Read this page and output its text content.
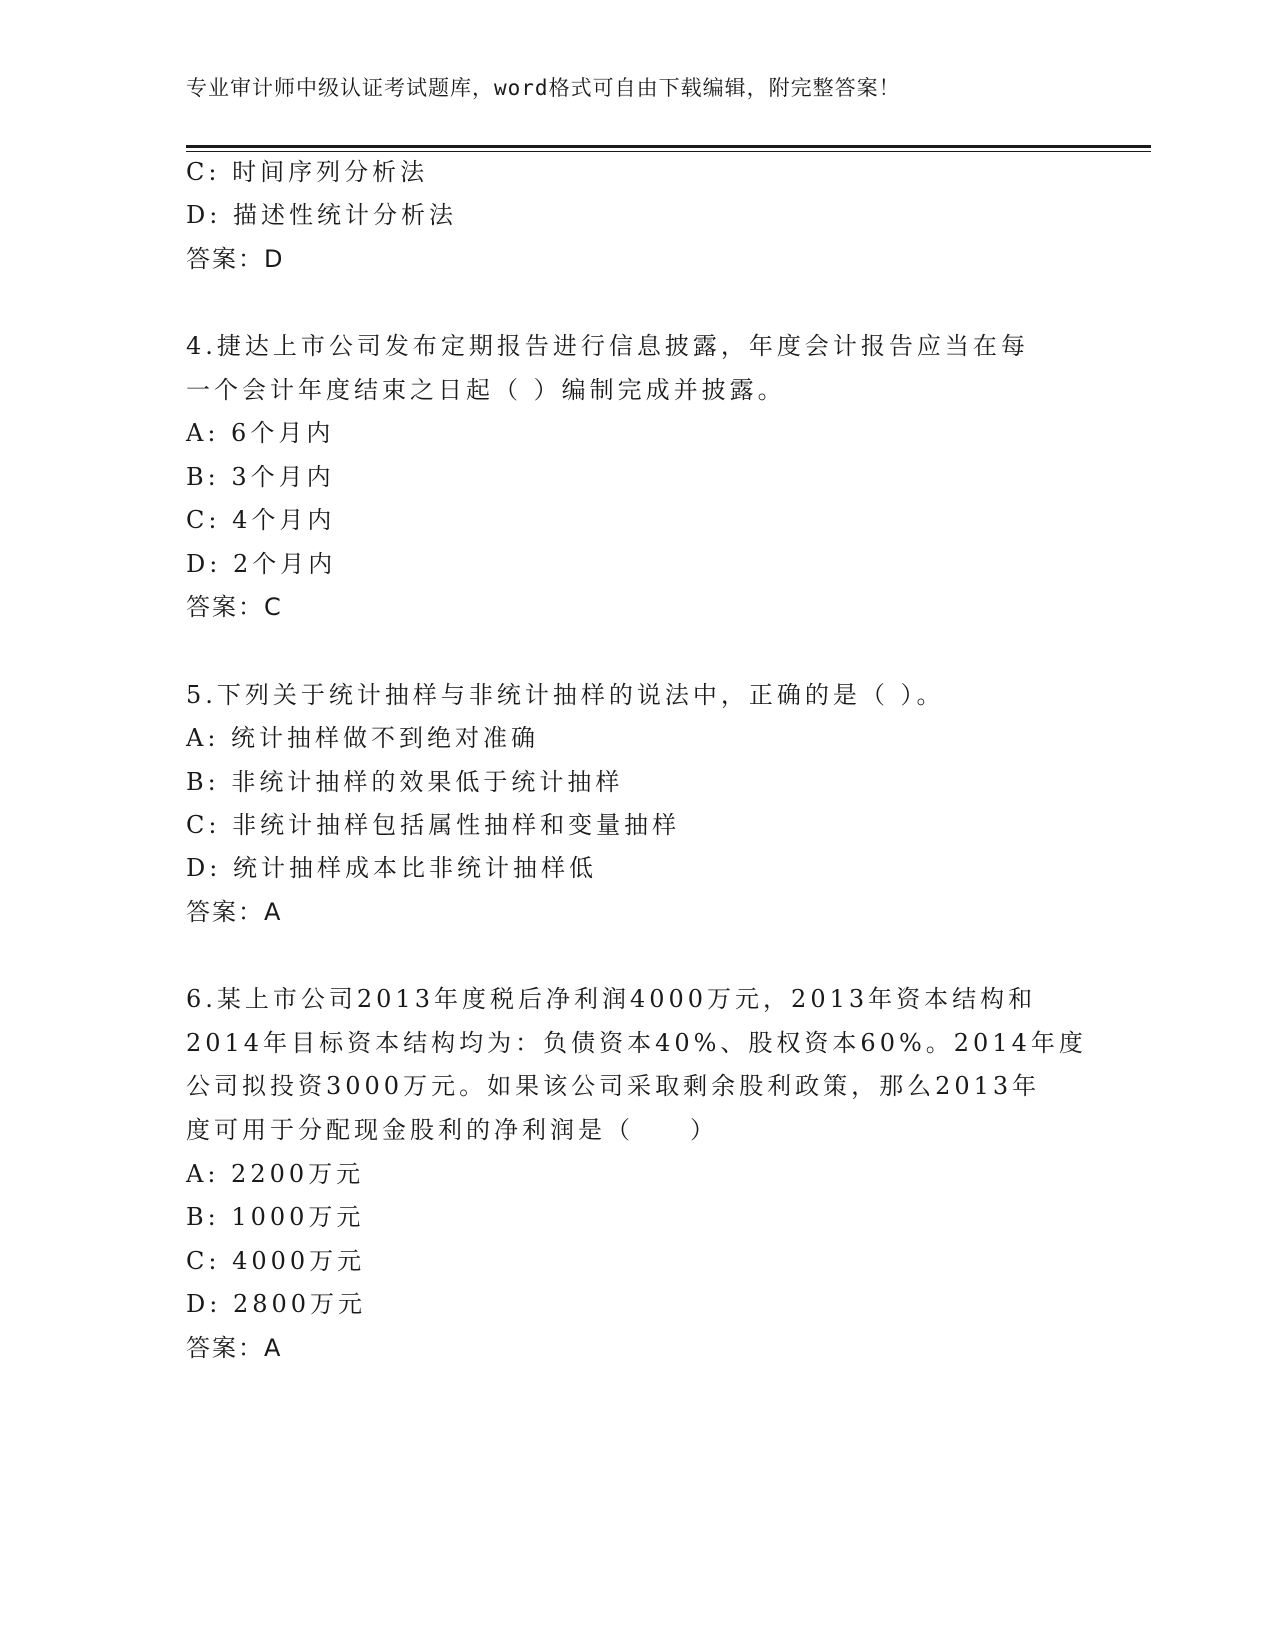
专业审计师中级认证考试题库，word格式可自由下载编辑，附完整答案！
C: 时间序列分析法
D: 描述性统计分析法
答案：D
4.捷达上市公司发布定期报告进行信息披露，年度会计报告应当在每
一个会计年度结束之日起（ ）编制完成并披露。
A: 6个月内
B: 3个月内
C: 4个月内
D: 2个月内
答案：C
5.下列关于统计抽样与非统计抽样的说法中，正确的是（ ）。
A: 统计抽样做不到绝对准确
B: 非统计抽样的效果低于统计抽样
C: 非统计抽样包括属性抽样和变量抽样
D: 统计抽样成本比非统计抽样低
答案：A
6.某上市公司2013年度税后净利润4000万元，2013年资本结构和
2014年目标资本结构均为：负债资本40%、股权资本60%。2014年度
公司拟投资3000万元。如果该公司采取剩余股利政策，那么2013年
度可用于分配现金股利的净利润是（　　）
A: 2200万元
B: 1000万元
C: 4000万元
D: 2800万元
答案：A
